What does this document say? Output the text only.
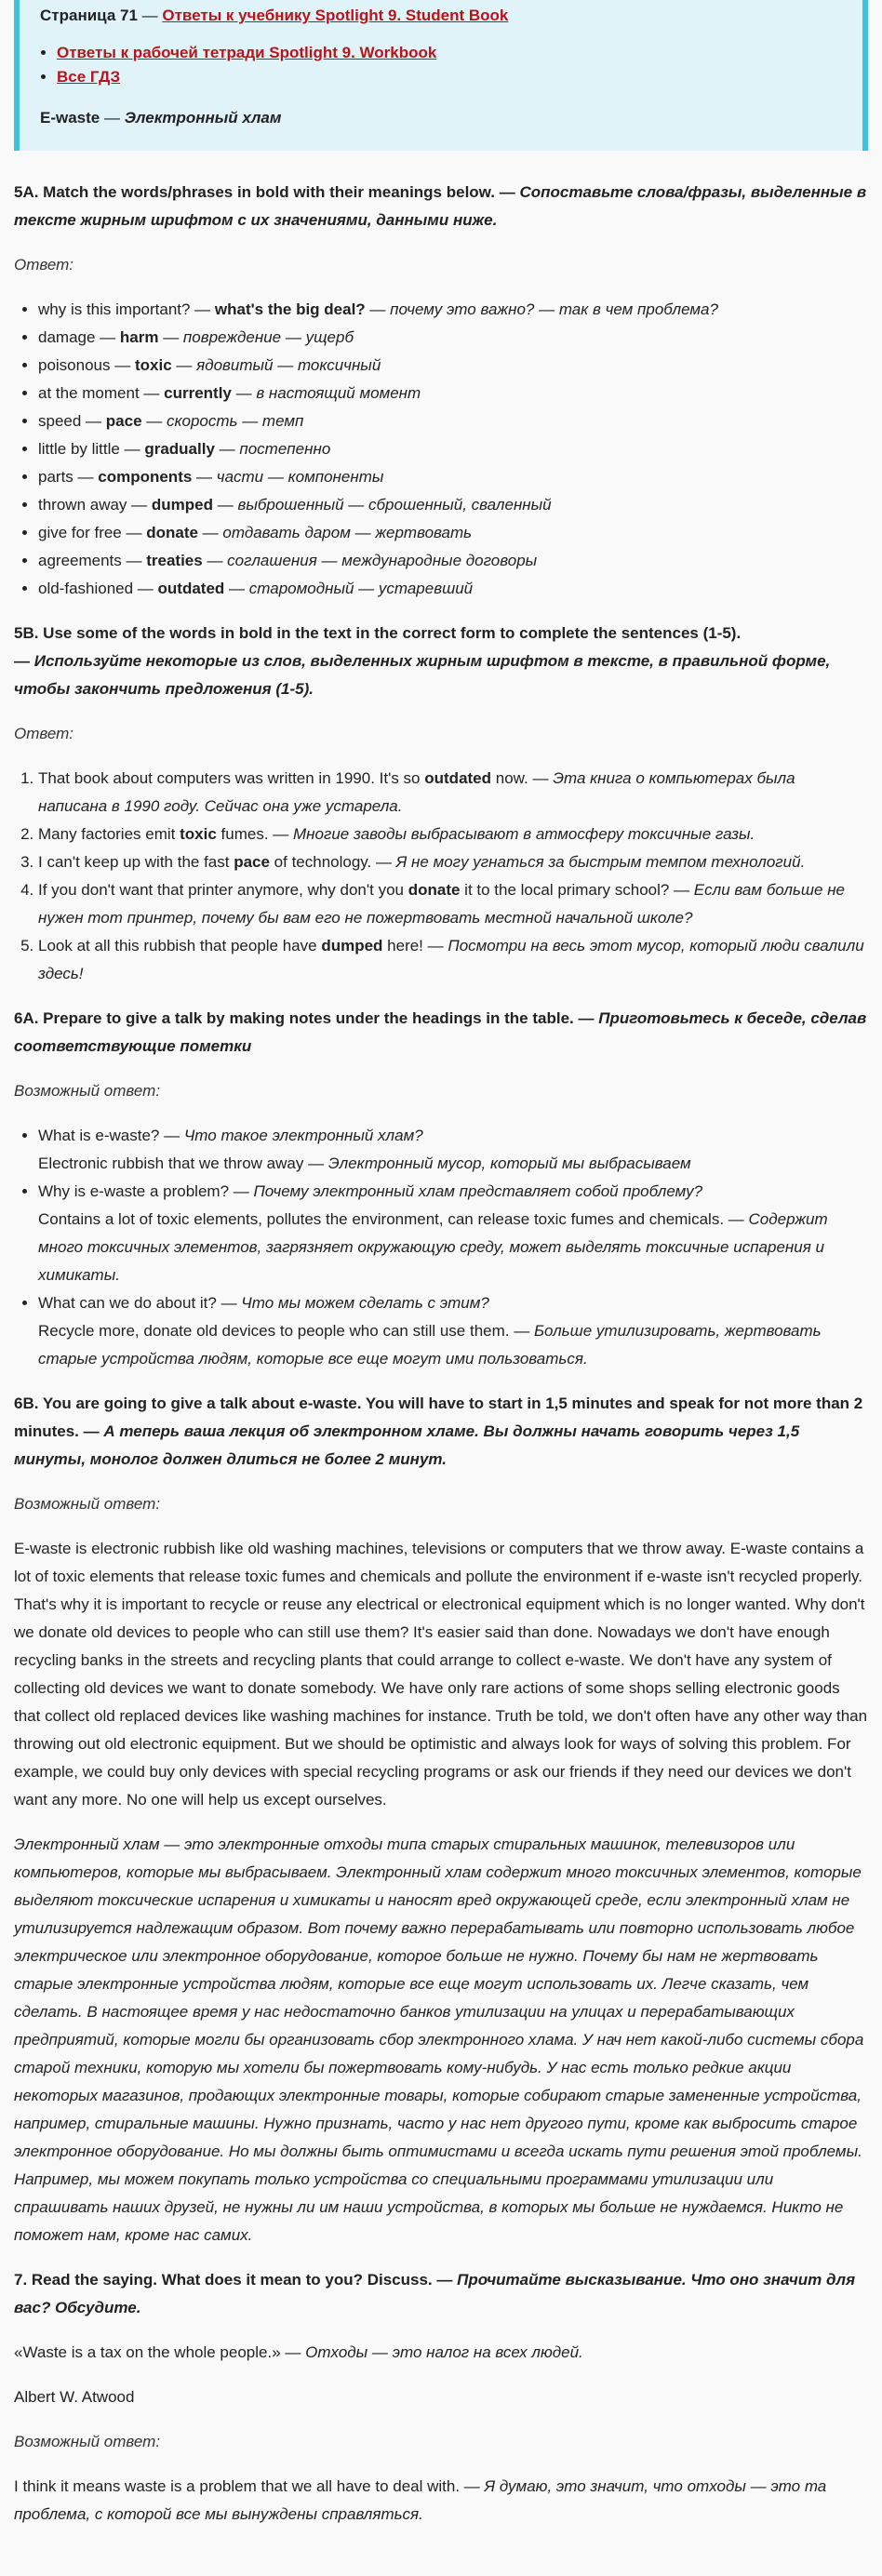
Страница 71 — Ответы к учебнику Spotlight 9. Student Book

• Ответы к рабочей тетради Spotlight 9. Workbook
• Все ГДЗ

E-waste — Электронный хлам

5A. Match the words/phrases in bold with their meanings below. — Сопоставьте слова/фразы, выделенные в тексте жирным шрифтом с их значениями, данными ниже.

Ответ:

• why is this important? — what's the big deal? — почему это важно? — так в чем проблема?
• damage — harm — повреждение — ущерб
• poisonous — toxic — ядовитый — токсичный
• at the moment — currently — в настоящий момент
• speed — pace — скорость — темп
• little by little — gradually — постепенно
• parts — components — части — компоненты
• thrown away — dumped — выброшенный — сброшенный, сваленный
• give for free — donate — отдавать даром — жертвовать
• agreements — treaties — соглашения — международные договоры
• old-fashioned — outdated — старомодный — устаревший
5B. Use some of the words in bold in the text in the correct form to complete the sentences (1-5).
— Используйте некоторые из слов, выделенных жирным шрифтом в тексте, в правильной форме, чтобы закончить предложения (1-5).

Ответ:

1. That book about computers was written in 1990. It's so outdated now. — Эта книга о компьютерах была написана в 1990 году. Сейчас она уже устарела.
2. Many factories emit toxic fumes. — Многие заводы выбрасывают в атмосферу токсичные газы.
3. I can't keep up with the fast pace of technology. — Я не могу угнаться за быстрым темпом технологий.
4. If you don't want that printer anymore, why don't you donate it to the local primary school? — Если вам больше не нужен тот принтер, почему бы вам его не пожертвовать местной начальной школе?
5. Look at all this rubbish that people have dumped here! — Посмотри на весь этот мусор, который люди свалили здесь!
6A. Prepare to give a talk by making notes under the headings in the table. — Приготовьтесь к беседе, сделав соответствующие пометки

Возможный ответ:

• What is e-waste? — Что такое электронный хлам?
Electronic rubbish that we throw away — Электронный мусор, который мы выбрасываем
• Why is e-waste a problem? — Почему электронный хлам представляет собой проблему?
Contains a lot of toxic elements, pollutes the environment, can release toxic fumes and chemicals. — Содержит много токсичных элементов, загрязняет окружающую среду, может выделять токсичные испарения и химикаты.
• What can we do about it? — Что мы можем сделать с этим?
Recycle more, donate old devices to people who can still use them. — Больше утилизировать, жертвовать старые устройства людям, которые все еще могут ими пользоваться.
6B. You are going to give a talk about e-waste. You will have to start in 1,5 minutes and speak for not more than 2 minutes. — А теперь ваша лекция об электронном хламе. Вы должны начать говорить через 1,5 минуты, монолог должен длиться не более 2 минут.

Возможный ответ:

E-waste is electronic rubbish like old washing machines, televisions or computers that we throw away. E-waste contains a lot of toxic elements that release toxic fumes and chemicals and pollute the environment if e-waste isn't recycled properly. That's why it is important to recycle or reuse any electrical or electronical equipment which is no longer wanted. Why don't we donate old devices to people who can still use them? It's easier said than done. Nowadays we don't have enough recycling banks in the streets and recycling plants that could arrange to collect e-waste. We don't have any system of collecting old devices we want to donate somebody. We have only rare actions of some shops selling electronic goods that collect old replaced devices like washing machines for instance. Truth be told, we don't often have any other way than throwing out old electronic equipment. But we should be optimistic and always look for ways of solving this problem. For example, we could buy only devices with special recycling programs or ask our friends if they need our devices we don't want any more. No one will help us except ourselves.

Электронный хлам — это электронные отходы типа старых стиральных машинок, телевизоров или компьютеров, которые мы выбрасываем. Электронный хлам содержит много токсичных элементов, которые выделяют токсические испарения и химикаты и наносят вред окружающей среде, если электронный хлам не утилизируется надлежащим образом. Вот почему важно перерабатывать или повторно использовать любое электрическое или электронное оборудование, которое больше не нужно. Почему бы нам не жертвовать старые электронные устройства людям, которые все еще могут использовать их. Легче сказать, чем сделать. В настоящее время у нас недостаточно банков утилизации на улицах и перерабатывающих предприятий, которые могли бы организовать сбор электронного хлама. У нач нет какой-либо системы сбора старой техники, которую мы хотели бы пожертвовать кому-нибудь. У нас есть только редкие акции некоторых магазинов, продающих электронные товары, которые собирают старые замененные устройства, например, стиральные машины. Нужно признать, часто у нас нет другого пути, кроме как выбросить старое электронное оборудование. Но мы должны быть оптимистами и всегда искать пути решения этой проблемы. Например, мы можем покупать только устройства со специальными программами утилизации или спрашивать наших друзей, не нужны ли им наши устройства, в которых мы больше не нуждаемся. Никто не поможет нам, кроме нас самих.

7. Read the saying. What does it mean to you? Discuss. — Прочитайте высказывание. Что оно значит для вас? Обсудите.

«Waste is a tax on the whole people.» — Отходы — это налог на всех людей.

Albert W. Atwood

Возможный ответ:

I think it means waste is a problem that we all have to deal with. — Я думаю, это значит, что отходы — это та проблема, с которой все мы вынуждены справляться.
